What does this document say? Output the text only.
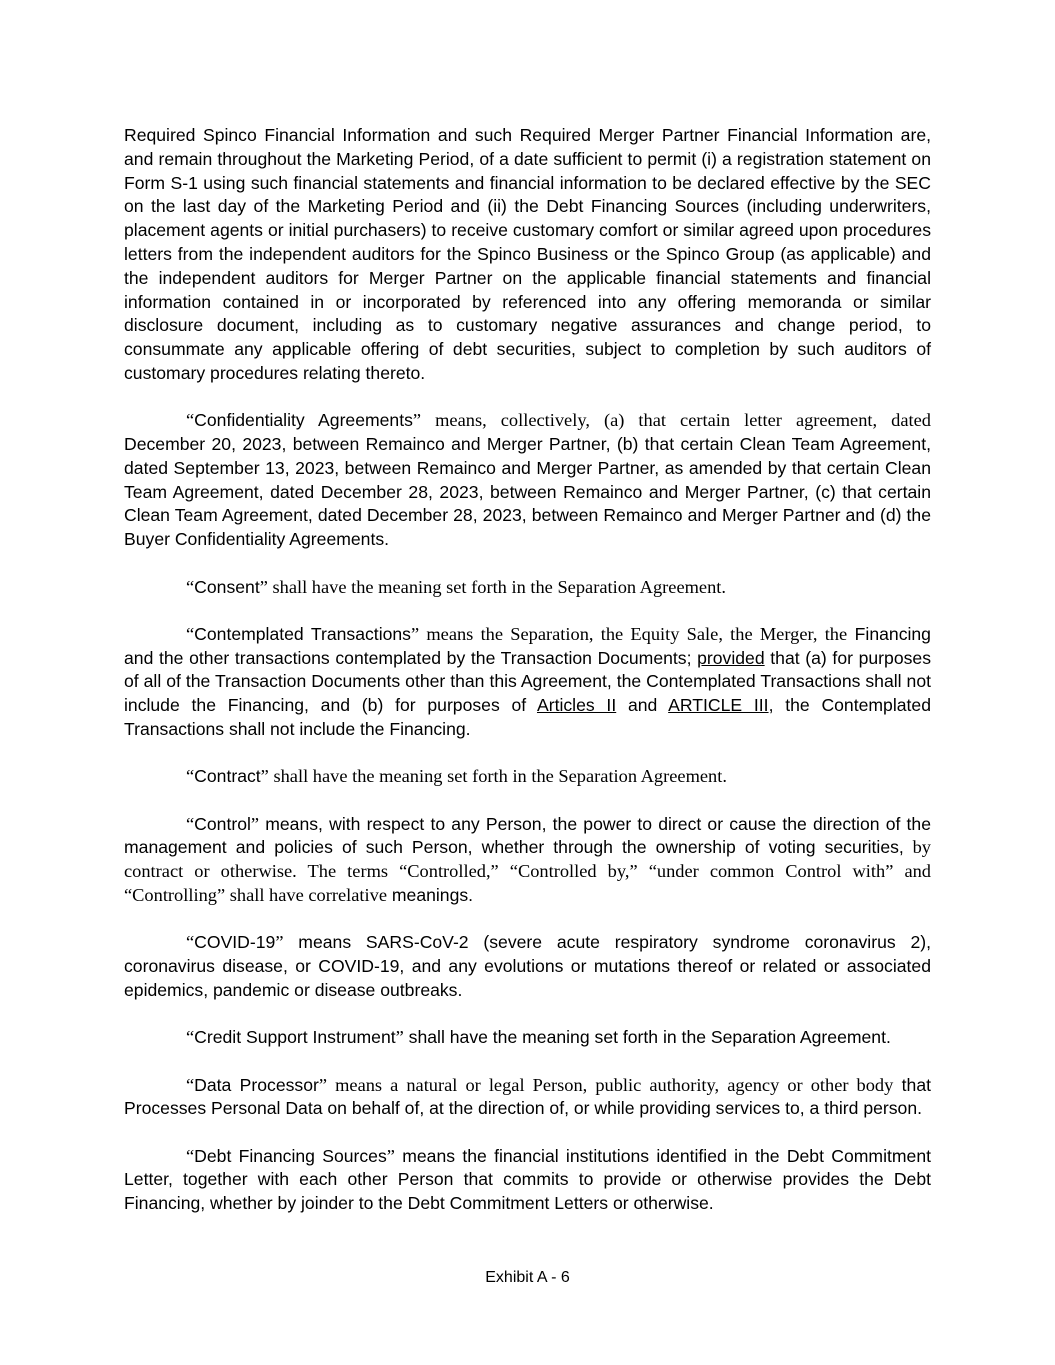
Required Spinco Financial Information and such Required Merger Partner Financial Information are, and remain throughout the Marketing Period, of a date sufficient to permit (i) a registration statement on Form S-1 using such financial statements and financial information to be declared effective by the SEC on the last day of the Marketing Period and (ii) the Debt Financing Sources (including underwriters, placement agents or initial purchasers) to receive customary comfort or similar agreed upon procedures letters from the independent auditors for the Spinco Business or the Spinco Group (as applicable) and the independent auditors for Merger Partner on the applicable financial statements and financial information contained in or incorporated by referenced into any offering memoranda or similar disclosure document, including as to customary negative assurances and change period, to consummate any applicable offering of debt securities, subject to completion by such auditors of customary procedures relating thereto.

“Confidentiality Agreements” means, collectively, (a) that certain letter agreement, dated December 20, 2023, between Remainco and Merger Partner, (b) that certain Clean Team Agreement, dated September 13, 2023, between Remainco and Merger Partner, as amended by that certain Clean Team Agreement, dated December 28, 2023, between Remainco and Merger Partner, (c) that certain Clean Team Agreement, dated December 28, 2023, between Remainco and Merger Partner and (d) the Buyer Confidentiality Agreements.

“Consent” shall have the meaning set forth in the Separation Agreement.

“Contemplated Transactions” means the Separation, the Equity Sale, the Merger, the Financing and the other transactions contemplated by the Transaction Documents; provided that (a) for purposes of all of the Transaction Documents other than this Agreement, the Contemplated Transactions shall not include the Financing, and (b) for purposes of Articles II and ARTICLE III, the Contemplated Transactions shall not include the Financing.

“Contract” shall have the meaning set forth in the Separation Agreement.

“Control” means, with respect to any Person, the power to direct or cause the direction of the management and policies of such Person, whether through the ownership of voting securities, by contract or otherwise. The terms “Controlled,” “Controlled by,” “under common Control with” and “Controlling” shall have correlative meanings.

“COVID-19” means SARS-CoV-2 (severe acute respiratory syndrome coronavirus 2), coronavirus disease, or COVID-19, and any evolutions or mutations thereof or related or associated epidemics, pandemic or disease outbreaks.

“Credit Support Instrument” shall have the meaning set forth in the Separation Agreement.

“Data Processor” means a natural or legal Person, public authority, agency or other body that Processes Personal Data on behalf of, at the direction of, or while providing services to, a third person.

“Debt Financing Sources” means the financial institutions identified in the Debt Commitment Letter, together with each other Person that commits to provide or otherwise provides the Debt Financing, whether by joinder to the Debt Commitment Letters or otherwise.

Exhibit A - 6
